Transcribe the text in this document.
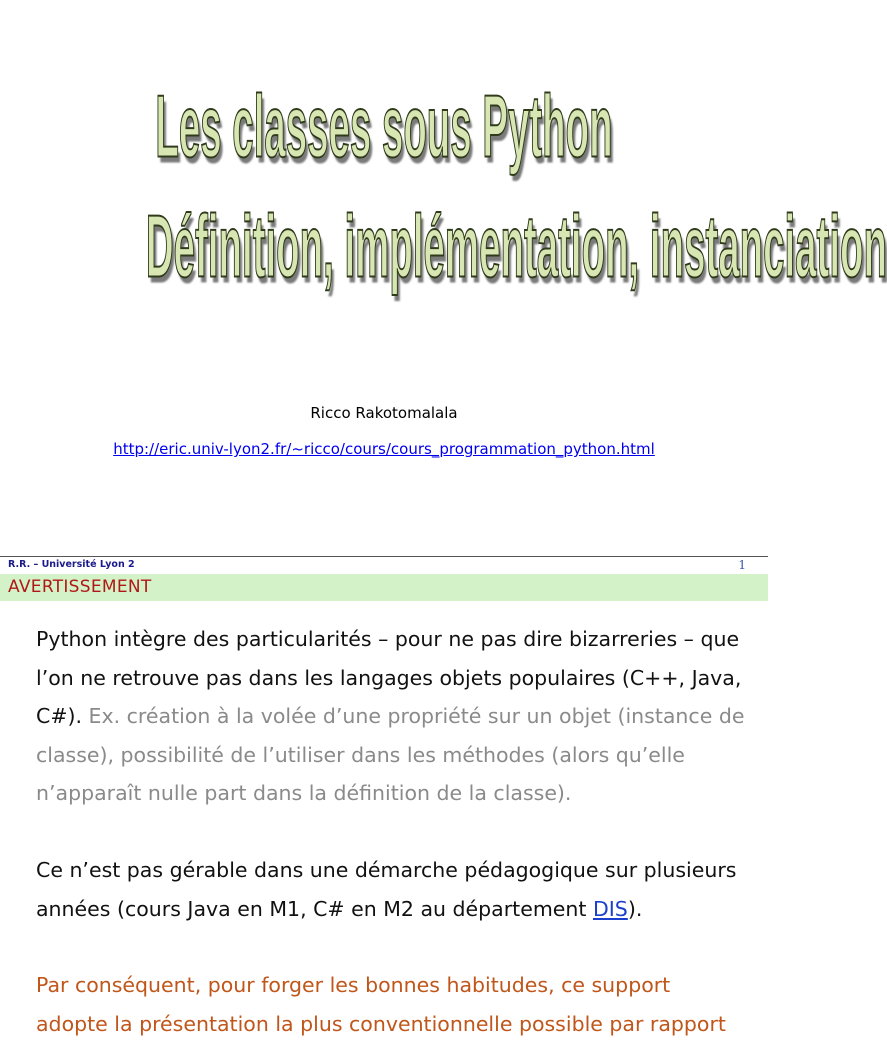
Les classes sous Python
Définition, implémentation, instanciation
Ricco Rakotomalala
http://eric.univ-lyon2.fr/~ricco/cours/cours_programmation_python.html
R.R. – Université Lyon 2	1
AVERTISSEMENT
Python intègre des particularités – pour ne pas dire bizarreries – que l’on ne retrouve pas dans les langages objets populaires (C++, Java, C#). Ex. création à la volée d’une propriété sur un objet (instance de classe), possibilité de l’utiliser dans les méthodes (alors qu’elle n’apparaît nulle part dans la définition de la classe).
Ce n’est pas gérable dans une démarche pédagogique sur plusieurs années (cours Java en M1, C# en M2 au département DIS).
Par conséquent, pour forger les bonnes habitudes, ce support adopte la présentation la plus conventionnelle possible par rapport
